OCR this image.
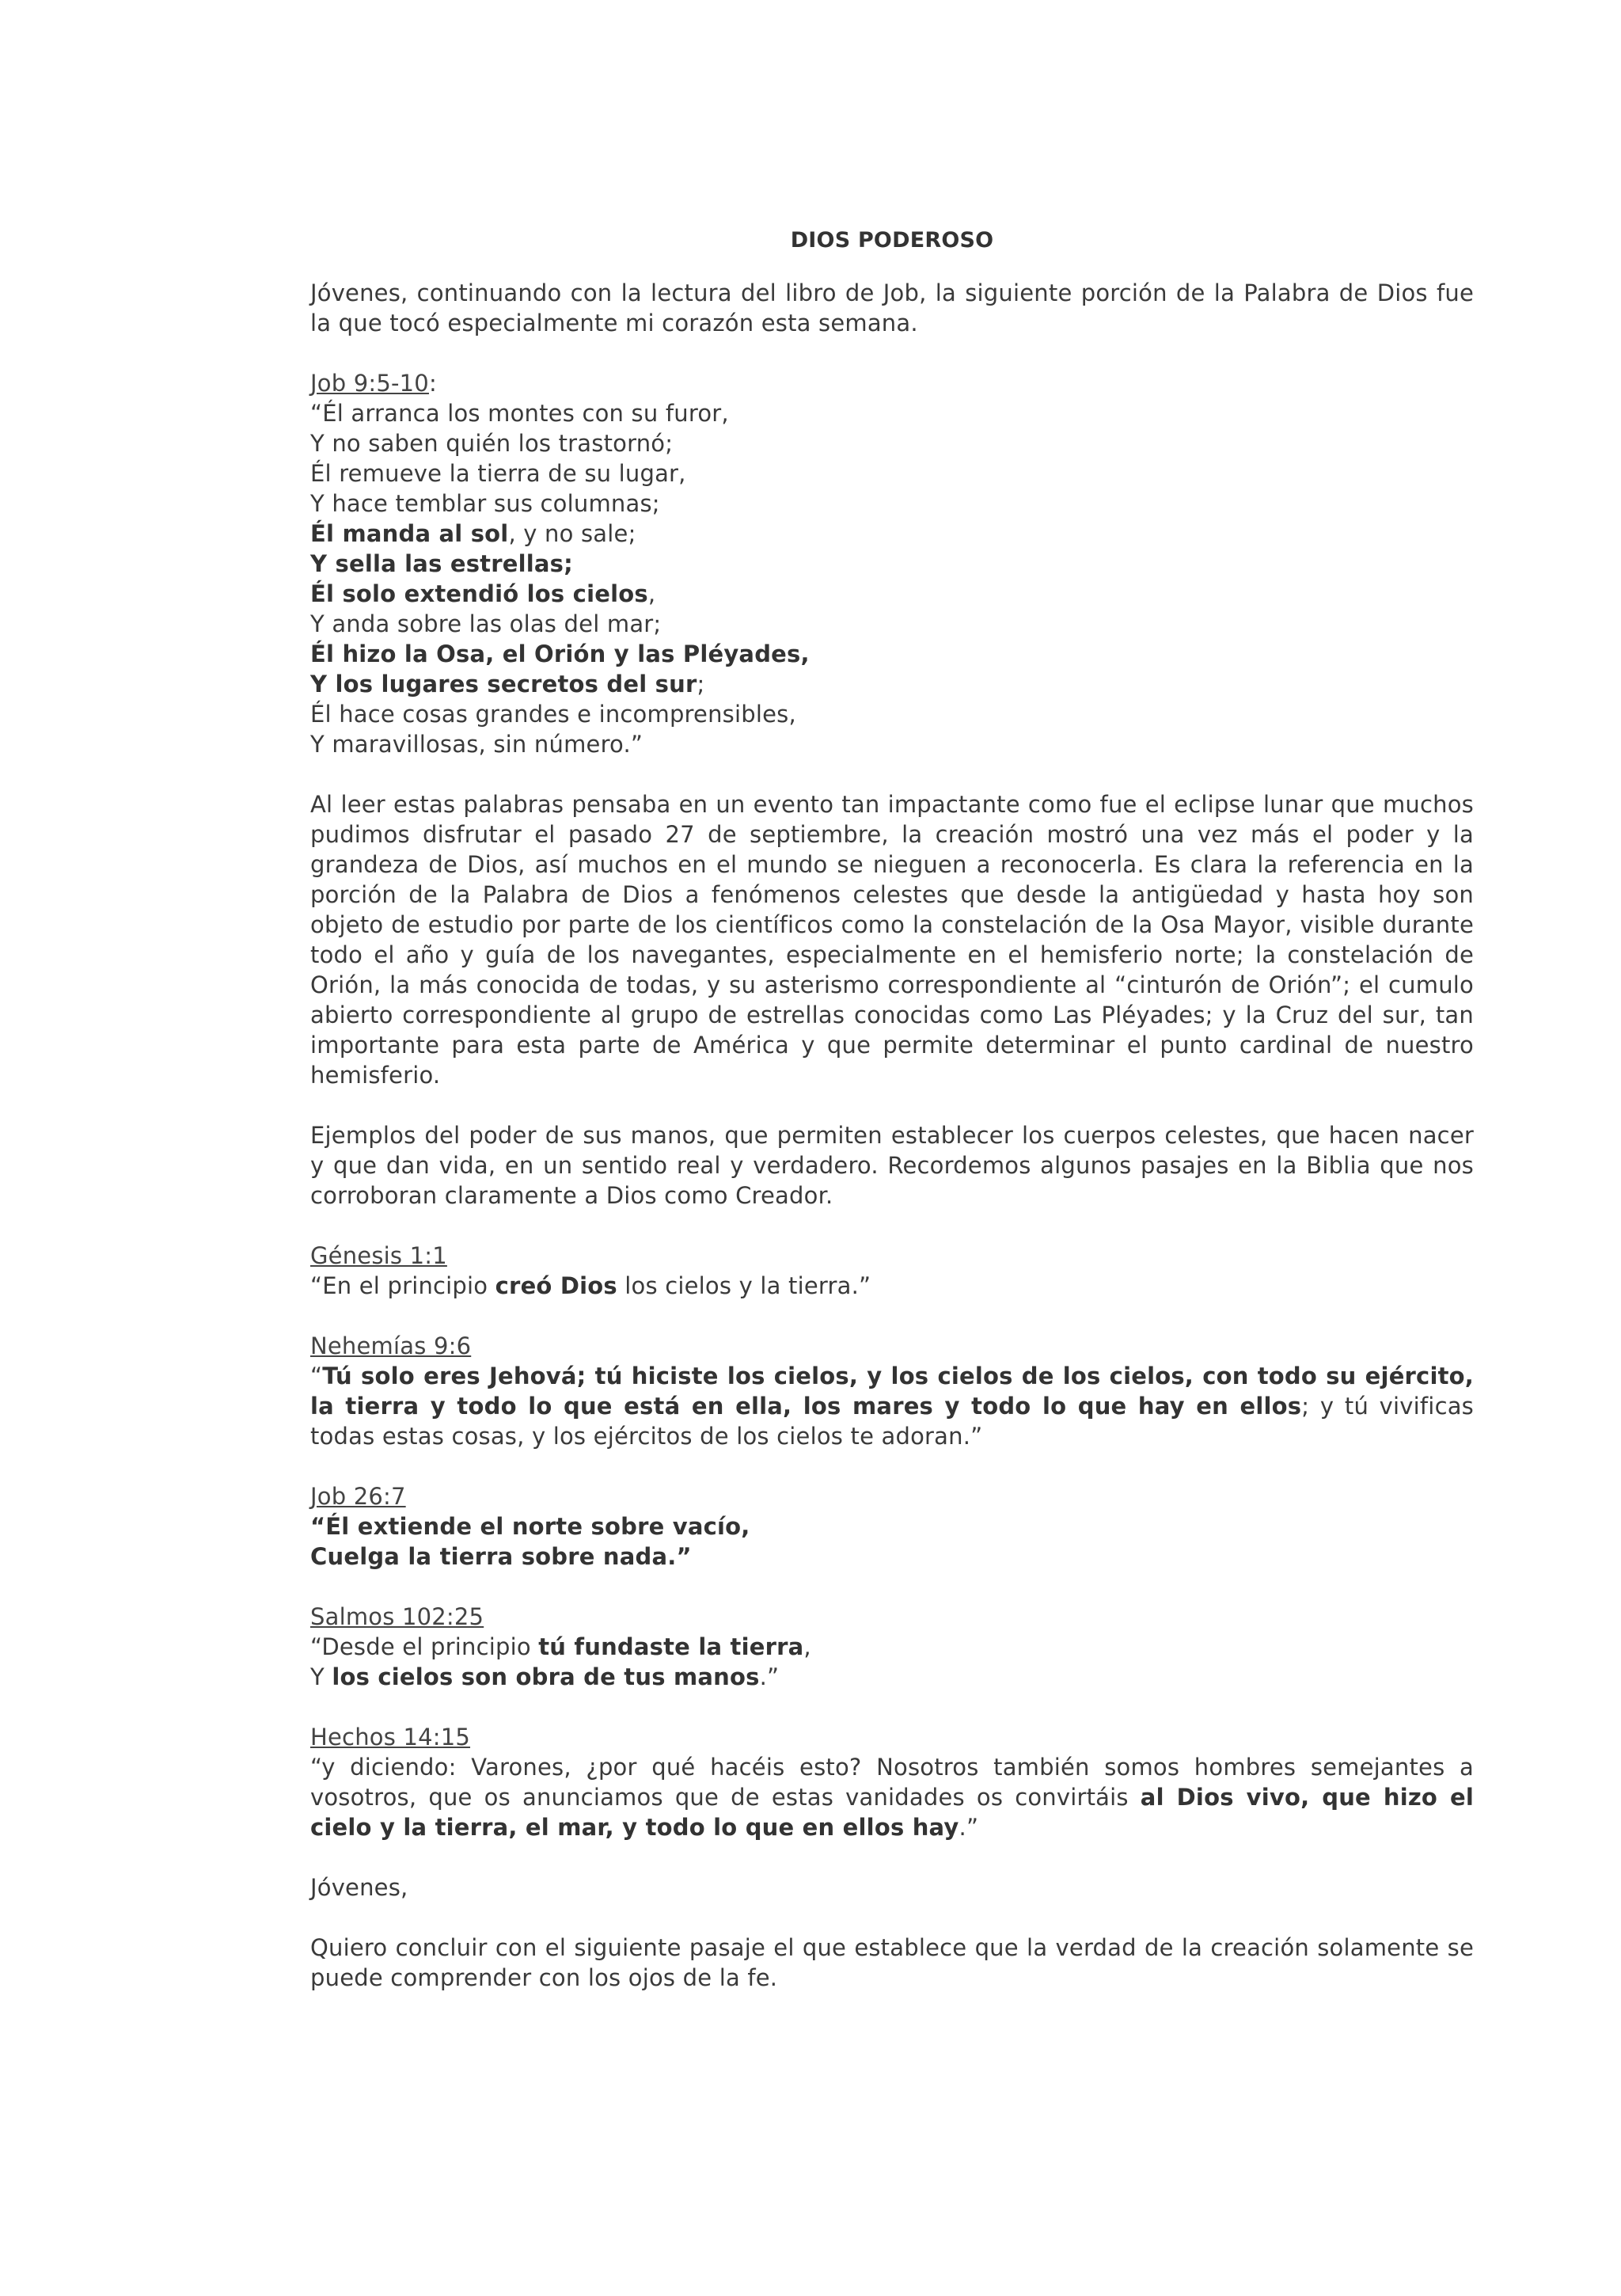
DIOS PODEROSO

Jóvenes, continuando con la lectura del libro de Job, la siguiente porción de la Palabra de Dios fue la que tocó especialmente mi corazón esta semana.

Job 9:5-10:
“Él arranca los montes con su furor,
Y no saben quién los trastornó;
Él remueve la tierra de su lugar,
Y hace temblar sus columnas;
Él manda al sol, y no sale;
Y sella las estrellas;
Él solo extendió los cielos,
Y anda sobre las olas del mar;
Él hizo la Osa, el Orión y las Pléyades,
Y los lugares secretos del sur;
Él hace cosas grandes e incomprensibles,
Y maravillosas, sin número.”

Al leer estas palabras pensaba en un evento tan impactante como fue el eclipse lunar que muchos pudimos disfrutar el pasado 27 de septiembre, la creación mostró una vez más el poder y la grandeza de Dios, así muchos en el mundo se nieguen a reconocerla. Es clara la referencia en la porción de la Palabra de Dios a fenómenos celestes que desde la antigüedad y hasta hoy son objeto de estudio por parte de los científicos como la constelación de la Osa Mayor, visible durante todo el año y guía de los navegantes, especialmente en el hemisferio norte; la constelación de Orión, la más conocida de todas, y su asterismo correspondiente al “cinturón de Orión”; el cumulo abierto correspondiente al grupo de estrellas conocidas como Las Pléyades; y la Cruz del sur, tan importante para esta parte de América y que permite determinar el punto cardinal de nuestro hemisferio.

Ejemplos del poder de sus manos, que permiten establecer los cuerpos celestes, que hacen nacer y que dan vida, en un sentido real y verdadero. Recordemos algunos pasajes en la Biblia que nos corroboran claramente a Dios como Creador.

Génesis 1:1
“En el principio creó Dios los cielos y la tierra.”
Nehemías 9:6

“Tú solo eres Jehová; tú hiciste los cielos, y los cielos de los cielos, con todo su ejército, la tierra y todo lo que está en ella, los mares y todo lo que hay en ellos; y tú vivificas todas estas cosas, y los ejércitos de los cielos te adoran.”

Job 26:7
“Él extiende el norte sobre vacío,
Cuelga la tierra sobre nada.”
Salmos 102:25
“Desde el principio tú fundaste la tierra,
Y los cielos son obra de tus manos.”
Hechos 14:15

“y diciendo: Varones, ¿por qué hacéis esto? Nosotros también somos hombres semejantes a vosotros, que os anunciamos que de estas vanidades os convirtáis al Dios vivo, que hizo el cielo y la tierra, el mar, y todo lo que en ellos hay.”

Jóvenes,

Quiero concluir con el siguiente pasaje el que establece que la verdad de la creación solamente se puede comprender con los ojos de la fe.
